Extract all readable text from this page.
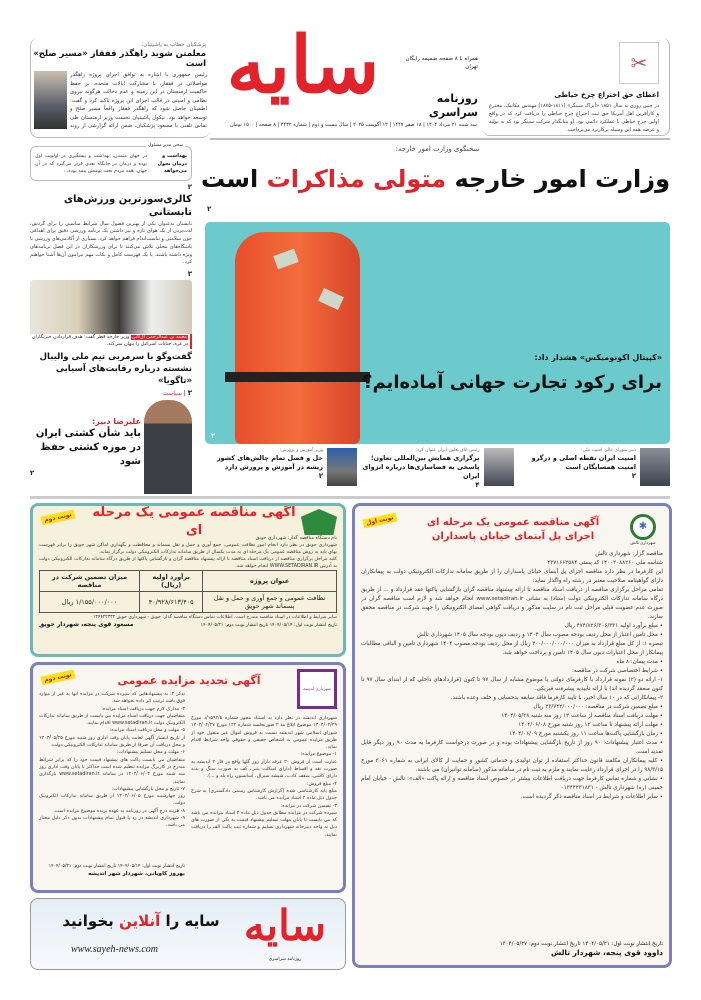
پزشکیان خطاب به پاشینیان:
معلمتن شوید راهگذر قفقاز «مسیر صلح» است
رئیس جمهوری با اشاره به توافق اجرای پروژه راهگذر مواصلاتی در قفقاز، با مشارکت ایالات متحده، بر حفظ حاکمیت ارمنستان در این زمینه و عدم دخالت هرگونه نیروی نظامی و امنیتی در قالب اجرای این پروژه تاکید کرد و گفت: اطمینان حاصل شود که راهگذر قفقاز واقعاً مسیر صلح و توسعه خواهد بود. نیکول پاشینیان نخست وزیر ارمنستان طی تماس تلفنی با مسعود پزشکیان، ضمن ارائه گزارشی از روند
سایه	همراه با ۸ صفحه ضمیمه رایگان تهران
روزنامه سراسری
سه شنبه ۲۱ مرداد ۱۴۰۴ | ۱۸ صفر ۱۴۴۷ | ۱۲ آگوست ۲۰۲۵ | سال بیست و دوم | شماره ۴۴۳۲ | ۸ صفحه | ۱۵۰۰ تومان
✂
اعطای حق اختراع چرخ خیاطی
در چنین روزی به سال ۱۸۵۱ «آیزاک سینگر» (۱۸۱۱-۱۸۷۵) مهندس مکانیک، مخترع و کارآفرین اهل آمریکا حق ثبت اختراع چرخ خیاطی را دریافت کرد که در واقع اولین چرخ خیاطی با عملکرد دائمی بود. او بنیانگذار شرکت سینگر بود که به تولید و عرضه همه این وسیله پرکاربرد می‌پرداخت.
سخنگوی وزارت امور خارجه:
وزارت امور خارجه متولی مذاکرات است
۲
«کپیتال اکونومیکس» هشدار داد:
برای رکود تجارت جهانی آماده‌ایم؟
۲
دبیر شورای عالی امنیت ملی:
امنیت ایران نقطه اصلی و درگرو امنیت همسایگان است
۲
رئیس اتاق تعاون ایران عنوان کرد:
برگزاری همایش بین‌المللی تعاون؛ پاسخی به فضاسازی‌ها درباره انزوای ایران
۴
وزیر آموزش و پرورش:
حل و فصل تمام چالش‌های کشور ریشه در آموزش و پرورش دارد
۲
سخن مدیر مسئول
بهداشت و درمان تحول می‌خواهد
در جهان متمدن، بهداشت و پیشگیری در اولویت اول بوده و درمان در جایگاه بعدی قرار می‌گیرد که در آن جهان، همه مردم تحت پوشش بیمه بوده...
۲
کالری‌سوزترین ورزش‌های تابستانی
تابستان به‌عنوان یکی از بهترین فصول سال شرایط مناسبی را برای گردش، لذت‌بردن از یک هوای تازه و نیز داشتن یک برنامه ورزشی دقیق برای اهدافی چون سلامتی و تناسب‌اندام فراهم خواهد کرد. بسیاری از آکادمی‌های ورزشی با باشگاه‌های محلی تلاش می‌کنند تا برای ورزشکاران در این فصل برنامه‌های ویژه داشته باشند. با یک فهرست کامل و نکات مهم پیرامون آن‌ها آشنا خواهیم کرد.
۳
محمد بن عبدالرحمن آل‌ثانی وزیر خارجه قطر گفت: هدف قراردادن خبرنگاران در غزه، جنایات اسرائیل را پنهان نمی‌کند.
گفت‌وگو با سرمربی تیم ملی والیبال نشسته درباره رقابت‌های آسیایی «تاگویا»
۳ | سیاست
علیرضا دبیر:
باید شأن کشتی ایران در موزه کشتی حفظ شود
۲
✱
شهرداری تالش
آگهی مناقصه عمومی یک مرحله ای اجرای پل آبنمای خیابان پاسداران
نوبت اول
مناقصه گزار: شهرداری تالش
شناسه ملی ۱۴۰۰۲۰۸۸۲۶۰ کد پستی ۴۳۷۱۶۶۳۵۸۴
این کارفرما در نظر دارد مناقصه اجرای پل آبنمای خیابان پاسداران را از طریق سامانه تدارکات الکترونیکی دولت به پیمانکاران دارای گواهینامه صلاحیت معتبر در رشته راه واگذار نماید:
تمامی مراحل برگزاری مناقصه از دریافت اسناد مناقصه تا ارائه پیشنهاد مناقصه گران بازگشایی پاکتها عقد قرارداد و ... از طریق درگاه سامانه تدارکات الکترونیکی دولت (ستاد) به نشانی www.setadiran.ir انجام خواهد شد و لازم است مناقصه گران در صورت عدم عضویت قبلی مراحل ثبت نام در سایت مذکور و دریافت گواهی امضای الکترونیکی را جهت شرکت در مناقصه محقق سازند.
• مبلغ برآورد اولیه ۴۷۴/۸۲۶/۳۰۶/۳۳۱ ریال
• محل تامین اعتبار از محل ردیف بودجه مصوب سال ۱۴۰۴ و ردیف دیون بودجه سال ۱۴۰۵ شهرداری تالش
تبصره ۱: از کل مبلغ قرارداد به میزان ۳۰۰/۰۰۰/۰۰۰/۰۰۰ ریال از محل ردیف بودجه مصوب ۱۴۰۴ شهرداری تامین و الباقی مطالبات پیمانکار از محل اعتبارات دیون سال ۱۴۰۵ تامین و پرداخت خواهد شد.
• مدت پیمان: ۸ ماه
• شرایط اختصاصی شرکت در مناقصه:
۱- ارائه دو (۲) نمونه قرارداد با کارفرمای دولتی یا موضوع مشابه از سال ۹۷ تا کنون (قراردادهای داخلی که از ابتدای سال ۹۷ تا کنون منعقد گردیده اند) با ارائه تاییدیه پیشرفت فیزیکی.
۲- پیمانکارانی که در ۱۰ سال اخیر، با تایید کارفرما فاقد سابقه بدحسابی و خلف وعده باشند.
• مبلغ تضمین شرکت در مناقصه: ۲۳/۷۴۲/۰۰۰/۰۰۰ ریال
• مهلت دریافت اسناد مناقصه از ساعت ۱۲ روز سه شنبه ۱۴۰۴/۰۵/۲۸
• مهلت ارائه پیشنهاد تا ساعت ۱۳ روز شنبه مورخ ۱۴۰۴/۰۶/۰۸
• زمان بازگشایی پاکت‌ها ساعت ۱۱ روز یکشنبه مورخ ۱۴۰۴/۰۶/۰۹
• مدت اعتبار پیشنهادات: ۹۰ روز از تاریخ بازگشایی پیشنهادات بوده و در صورت درخواست کارفرما به مدت ۹۰ روز دیگر قابل تمدید است.
• کلیه پیمانکاران مکلفند قانون حداکثر استفاده از توان تولیدی و خدماتی کشور و حمایت از کالای ایرانی به شماره ۳۰۶۱ مورخ ۹۸/۳/۱۵ را در اجرای قرارداد رعایت نمایند و ملزم به ثبت نام در سامانه مذکور (سامانه توانیران) می باشند.
• نشانی و شماره تماس کارفرما جهت دریافت اطلاعات بیشتر در خصوص اسناد مناقصه و ارائه پاکت «الف»: تالش - خیابان امام خمینی (ره) شهرداری تالش - ۰۱۳۴۴۲۳۱۸۳۱
• سایر اطلاعات و شرایط در اسناد مناقصه ذکر گردیده است.
تاریخ انتشار نوبت اول: ۱۴۰۴/۰۵/۲۱ تاریخ انتشار نوبت دوم: ۱۴۰۴/۰۵/۲۷
داوود قوی پنجه، شهردار تالش
آگهی مناقصه عمومی یک مرحله ای
نوبت دوم
نام دستگاه مناقصه گذار: شهرداری حویق
شهرداری حویق در نظر دارد انجام امور نظافت عمومی، جمع آوری و حمل و نقل پسماند و محافظت و نگهداری اماکن شهر حویق را برابر فهرست بهای پایه به روش مناقصه عمومی یک مرحله ای به مدت یکسال از طریق سامانه تدارکات الکترونیکی دولت برگزار نماید.
کلیه مراحل برگزاری مناقصه از دریافت اسناد مناقصه تا ارائه پیشنهاد مناقصه گران و بازگشایی پاکتها از طریق درگاه سامانه تدارکات الکترونیکی دولت به آدرس WWW.SETADIRAN.IR انجام خواهد شد.
عنوان پروژه	برآورد اولیه (ریال)	میزان تضمین شرکت در مناقصه
نظافت عمومی و جمع آوری و حمل و نقل پسماند شهر حویق	۴۰/۹۲۸/۶۱۳/۴۰۵	۱/۱۵۵/۰۰۰/۰۰۰ ریال
سایر شرایط و اطلاعات در اسناد مناقصه مندرج است. اطلاعات تماس دستگاه مناقصه گذار: حویق - شهرداری حویق ۰۱۳۴۴۲۲۳۳۲
تاریخ انتشار نوبت اول: ۱۴۰۴/۰۵/۱۴ تاریخ انتشار نوبت دوم: ۱۴۰۴/۰۵/۲۱
مسعود قوی پنجه، شهردار حویق
آگهی تجدید مزایده عمومی
نوبت دوم
شهرداری اندیشه
شهرداری اندیشه در نظر دارد به استناد مجوز شماره ۱۵۹۲/۵/د مورخ ۱۴۰۴/۰۲/۲۹ موضوع ابلاغ بند ۲ صورتجلسه شماره ۱۳۲ مورخ ۱۴۰۴/۰۲/۲۷ شورای اسلامی شهر اندیشه نسبت به فروش اموال غیر منقول خود از طریق مزایده عمومی به اشخاص حقیقی و حقوقی واجد شرایط اقدام نماید.
۱- موضوع مزایده:
عبارت است از فروش ۳۰ غرفه بازار روز گلها واقع در فاز ۲ اندیشه به صورت نقد و اقساط (دارای اسکلت بتنی، کف به صورت سنگ و بدنه دارای کاشی، سقف کاذب، شیشه سیرال، آسانسور، راه پله و ...).
۲- مبلغ فروش:
مبلغ پایه کارشناسی شده (گزارش کارشناس رسمی دادگستری) به شرح جدول ذیل ماده ۲ اسناد مزایده می باشد.
۳- تضمین شرکت در مزایده:
سپرده شرکت در مزایده مطابق جدول ذیل ماده ۲ اسناد مزایده می باشد که می بایست تا پایان مهلت تسلیم پیشنهاد قیمت به یکی از صورت های ذیل به واحد دبیرخانه شهرداری تسلیم و شماره ثبت پاکت الف را دریافت نمایند.
تذکر ۲: به پیشنهادهایی که سپرده شرکت در مزایده آنها به غیر از موارد فوق باشد ترتیب اثر داده نخواهد شد.
۴- مدارک لازم جهت دریافت اسناد مزایده:
متقاضیان جهت دریافت اسناد مزایده می بایست از طریق سامانه تدارکات الکترونیک دولت www.setadiran.ir اقدام نمایند.
۵- مهلت و محل دریافت اسناد مزایده:
از تاریخ انتشار آگهی لغایت پایان وقت اداری روز شنبه مورخ ۱۴۰۴/۰۵/۲۵ و محل دریافت آن صرفا از طریق سامانه تدارکات الکترونیکی دولت.
۶- مهلت و محل تسلیم پیشنهادات:
متقاضیان می بایست پاکت های پیشنهاد قیمت خود را که برابر شرایط مندرج در کاربرگ مزایده تنظیم شده است حداکثر تا پایان وقت اداری روز سه شنبه مورخ ۱۴۰۴/۰۶/۰۴ در سامانه www.setadiran.ir بارگذاری نمایند.
۷- تاریخ و محل بازگشایی پیشنهادات:
روز چهارشنبه مورخ ۱۴۰۴/۰۶/۰۵ از طریق سامانه تدارکات الکترونیک دولت.
۸- هزینه درج آگهی در روزنامه به عهده برنده موضوع مزایده است.
۹- شهرداری اندیشه در رد یا قبول تمام پیشنهادات بدون ذکر دلیل مختار می باشد.
تاریخ انتشار نوبت اول: ۱۴۰۴/۰۵/۱۴ تاریخ انتشار نوبت دوم: ۱۴۰۴/۰۵/۲۱
بهروز کاویانی، شهردار شهر اندیشه
سایه
روزنامه سراسری
سایه را آنلاین بخوانید
www.sayeh-news.com
